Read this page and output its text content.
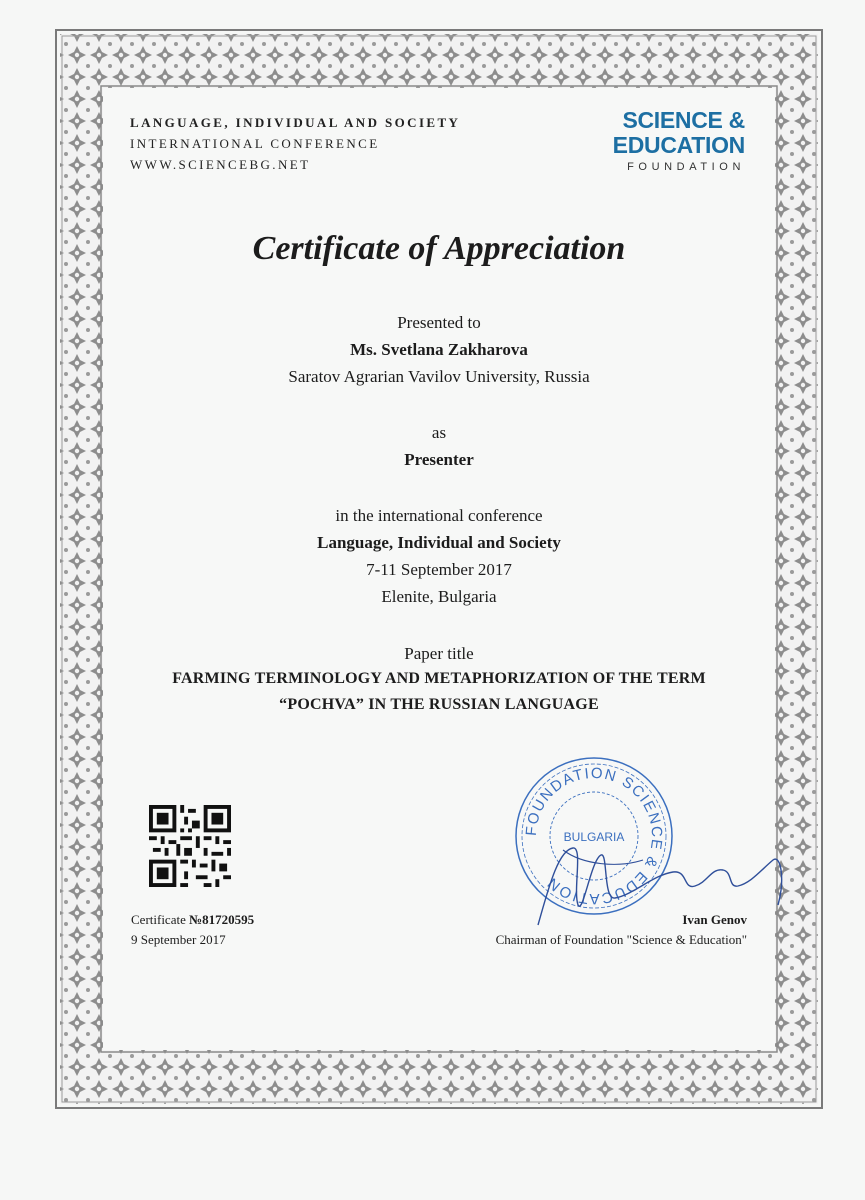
LANGUAGE, INDIVIDUAL AND SOCIETY
INTERNATIONAL CONFERENCE
WWW.SCIENCEBG.NET
SCIENCE &
EDUCATION
FOUNDATION
Certificate of Appreciation
Presented to
Ms. Svetlana Zakharova
Saratov Agrarian Vavilov University, Russia
as
Presenter
in the international conference
Language, Individual and Society
7-11 September 2017
Elenite, Bulgaria
Paper title
FARMING TERMINOLOGY AND METAPHORIZATION OF THE TERM
“POCHVA” IN THE RUSSIAN LANGUAGE
Certificate №81720595
9 September 2017
FOUNDATION SCIENCE & EDUCATION
BULGARIA
Ivan Genov
Chairman of Foundation "Science & Education"
